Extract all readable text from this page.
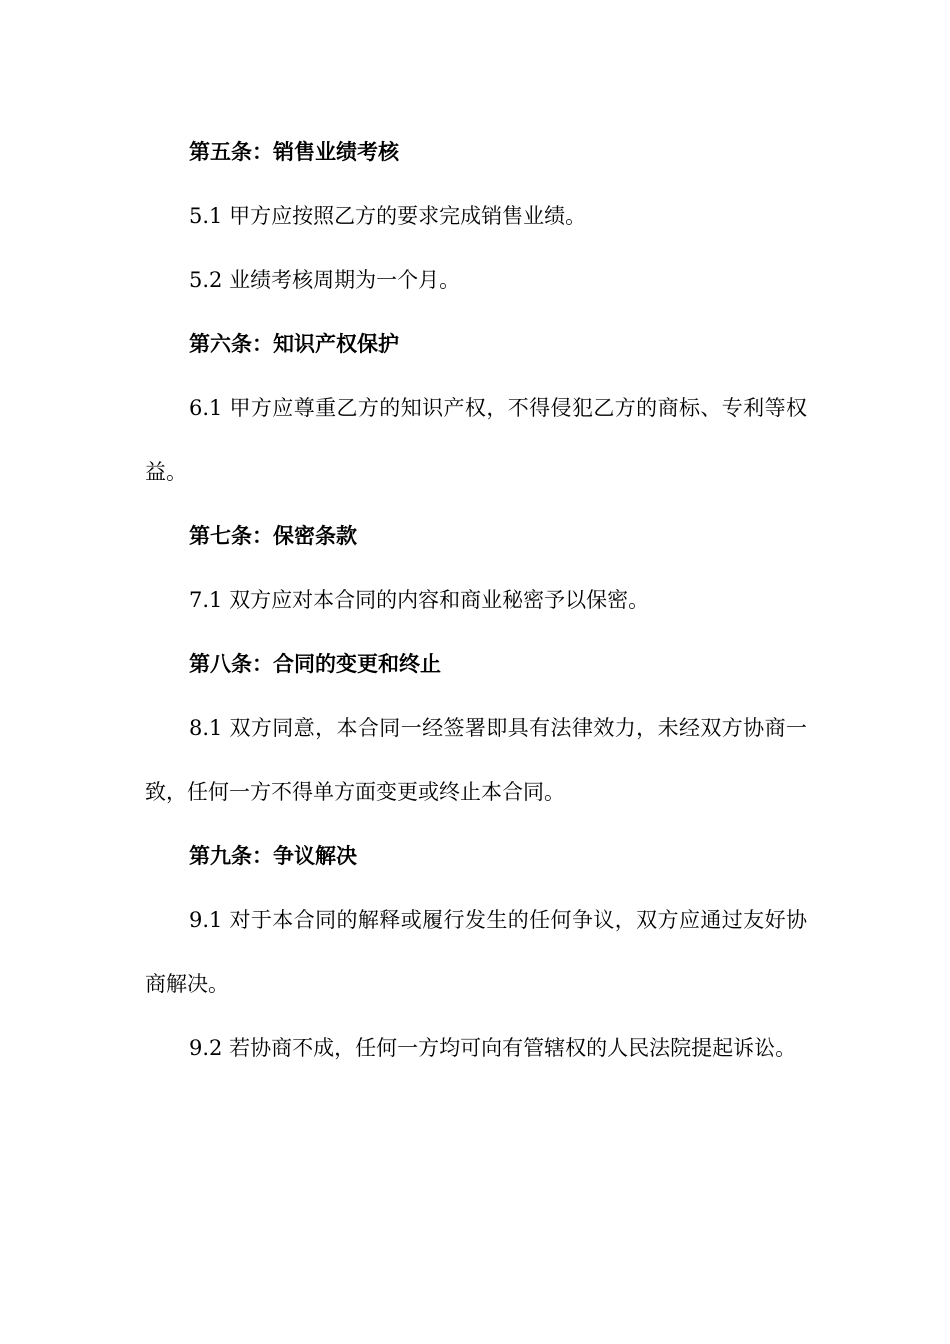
第五条：销售业绩考核

5.1 甲方应按照乙方的要求完成销售业绩。

5.2 业绩考核周期为一个月。

第六条：知识产权保护

6.1 甲方应尊重乙方的知识产权，不得侵犯乙方的商标、专利等权益。

第七条：保密条款

7.1 双方应对本合同的内容和商业秘密予以保密。

第八条：合同的变更和终止

8.1 双方同意，本合同一经签署即具有法律效力，未经双方协商一致，任何一方不得单方面变更或终止本合同。

第九条：争议解决

9.1 对于本合同的解释或履行发生的任何争议，双方应通过友好协商解决。

9.2 若协商不成，任何一方均可向有管辖权的人民法院提起诉讼。
